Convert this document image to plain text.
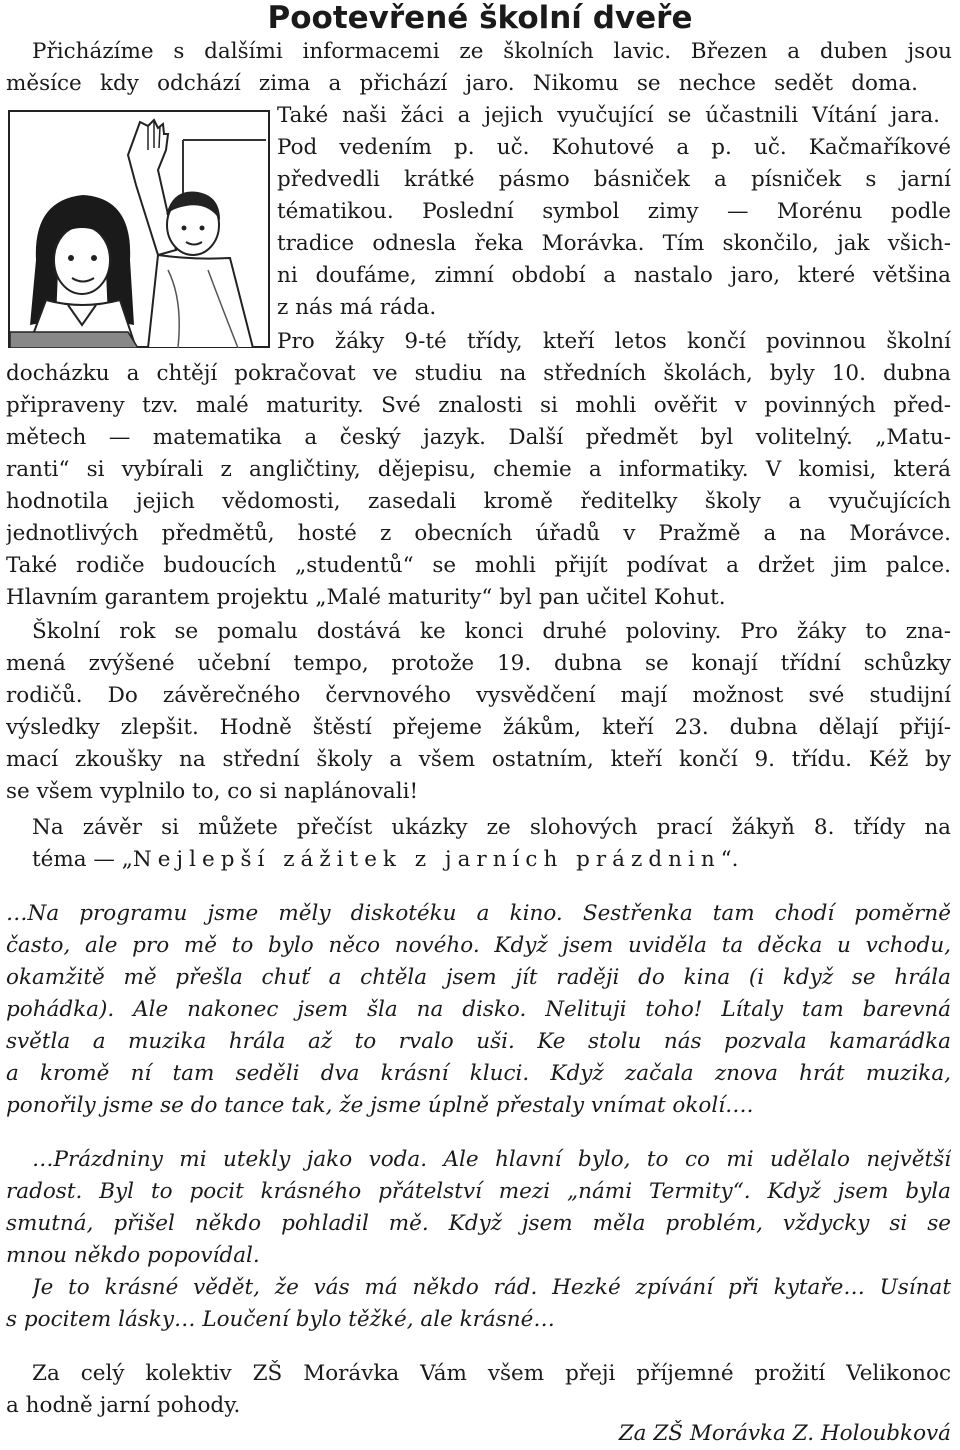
Pootevřené školní dveře
Přicházíme s dalšími informacemi ze školních lavic. Březen a duben jsou
měsíce kdy odchází zima a přichází jaro. Nikomu se nechce sedět doma.
Také naši žáci a jejich vyučující se účastnili Vítání jara.
Pod vedením p. uč. Kohutové a p. uč. Kačmaříkové
předvedli krátké pásmo básniček a písniček s jarní
tématikou. Poslední symbol zimy — Morénu podle
tradice odnesla řeka Morávka. Tím skončilo, jak všich-
ni doufáme, zimní období a nastalo jaro, které většina
z nás má ráda.
Pro žáky 9-té třídy, kteří letos končí povinnou školní
docházku a chtějí pokračovat ve studiu na středních školách, byly 10. dubna
připraveny tzv. malé maturity. Své znalosti si mohli ověřit v povinných před-
mětech — matematika a český jazyk. Další předmět byl volitelný. „Matu-
ranti“ si vybírali z angličtiny, dějepisu, chemie a informatiky. V komisi, která
hodnotila jejich vědomosti, zasedali kromě ředitelky školy a vyučujících
jednotlivých předmětů, hosté z obecních úřadů v Pražmě a na Morávce.
Také rodiče budoucích „studentů“ se mohli přijít podívat a držet jim palce.
Hlavním garantem projektu „Malé maturity“ byl pan učitel Kohut.
Školní rok se pomalu dostává ke konci druhé poloviny. Pro žáky to zna-
mená zvýšené učební tempo, protože 19. dubna se konají třídní schůzky
rodičů. Do závěrečného červnového vysvědčení mají možnost své studijní
výsledky zlepšit. Hodně štěstí přejeme žákům, kteří 23. dubna dělají přijí-
mací zkoušky na střední školy a všem ostatním, kteří končí 9. třídu. Kéž by
se všem vyplnilo to, co si naplánovali!
Na závěr si můžete přečíst ukázky ze slohových prací žákyň 8. třídy na
téma — „Nejlepší zážitek z jarních prázdnin“.
…Na programu jsme měly diskotéku a kino. Sestřenka tam chodí poměrně
často, ale pro mě to bylo něco nového. Když jsem uviděla ta děcka u vchodu,
okamžitě mě přešla chuť a chtěla jsem jít raději do kina (i když se hrála
pohádka). Ale nakonec jsem šla na disko. Nelituji toho! Lítaly tam barevná
světla a muzika hrála až to rvalo uši. Ke stolu nás pozvala kamarádka
a kromě ní tam seděli dva krásní kluci. Když začala znova hrát muzika,
ponořily jsme se do tance tak, že jsme úplně přestaly vnímat okolí….
…Prázdniny mi utekly jako voda. Ale hlavní bylo, to co mi udělalo největší
radost. Byl to pocit krásného přátelství mezi „námi Termity“. Když jsem byla
smutná, přišel někdo pohladil mě. Když jsem měla problém, vždycky si se
mnou někdo popovídal.
Je to krásné vědět, že vás má někdo rád. Hezké zpívání při kytaře… Usínat
s pocitem lásky… Loučení bylo těžké, ale krásné…
Za celý kolektiv ZŠ Morávka Vám všem přeji příjemné prožití Velikonoc
a hodně jarní pohody.
Za ZŠ Morávka Z. Holoubková
